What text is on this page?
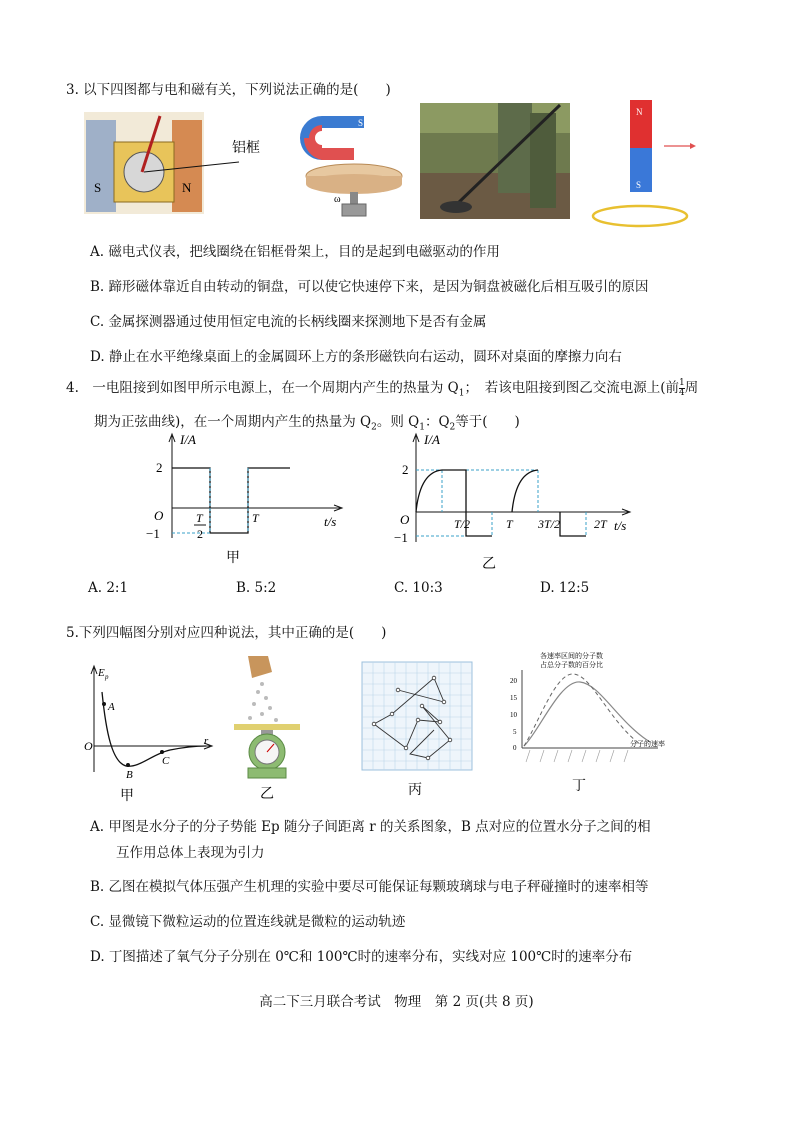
3. 以下四图都与电和磁有关，下列说法正确的是(　　)
S	N
铝框
ω
S
N
S
A. 磁电式仪表，把线圈绕在铝框骨架上，目的是起到电磁驱动的作用
B. 蹄形磁体靠近自由转动的铜盘，可以使它快速停下来，是因为铜盘被磁化后相互吸引的原因
C. 金属探测器通过使用恒定电流的长柄线圈来探测地下是否有金属
D. 静止在水平绝缘桌面上的金属圆环上方的条形磁铁向右运动，圆环对桌面的摩擦力向右
4.　一电阻接到如图甲所示电源上，在一个周期内产生的热量为 $Q_1$；　若该电阻接到图乙交流电源上(前 $\frac{1}{4}$ 周
期为正弦曲线)，在一个周期内产生的热量为 $Q_2$。则 $Q_1$：$Q_2$等于(　　)
I/A
t/s
O
2
−1
T
2
T
甲
I/A
t/s
O
2
−1
T/2	T 3T/2	2T
乙
A. 2:1	B. 5:2	C. 10:3	D. 12:5
5.下列四幅图分别对应四种说法，其中正确的是(　　)
E p
O	r
A
B
C
甲	乙	丙
各速率区间的分子数
占总分子数的百分比
20
15
10
5
0	分子的速率
丁
A. 甲图是水分子的分子势能 Ep 随分子间距离 r 的关系图象，B 点对应的位置水分子之间的相
互作用总体上表现为引力
B. 乙图在模拟气体压强产生机理的实验中要尽可能保证每颗玻璃球与电子秤碰撞时的速率相等
C. 显微镜下微粒运动的位置连线就是微粒的运动轨迹
D. 丁图描述了氧气分子分别在 0℃和 100℃时的速率分布，实线对应 100℃时的速率分布
高二下三月联合考试　物理　第 2 页(共 8 页)
